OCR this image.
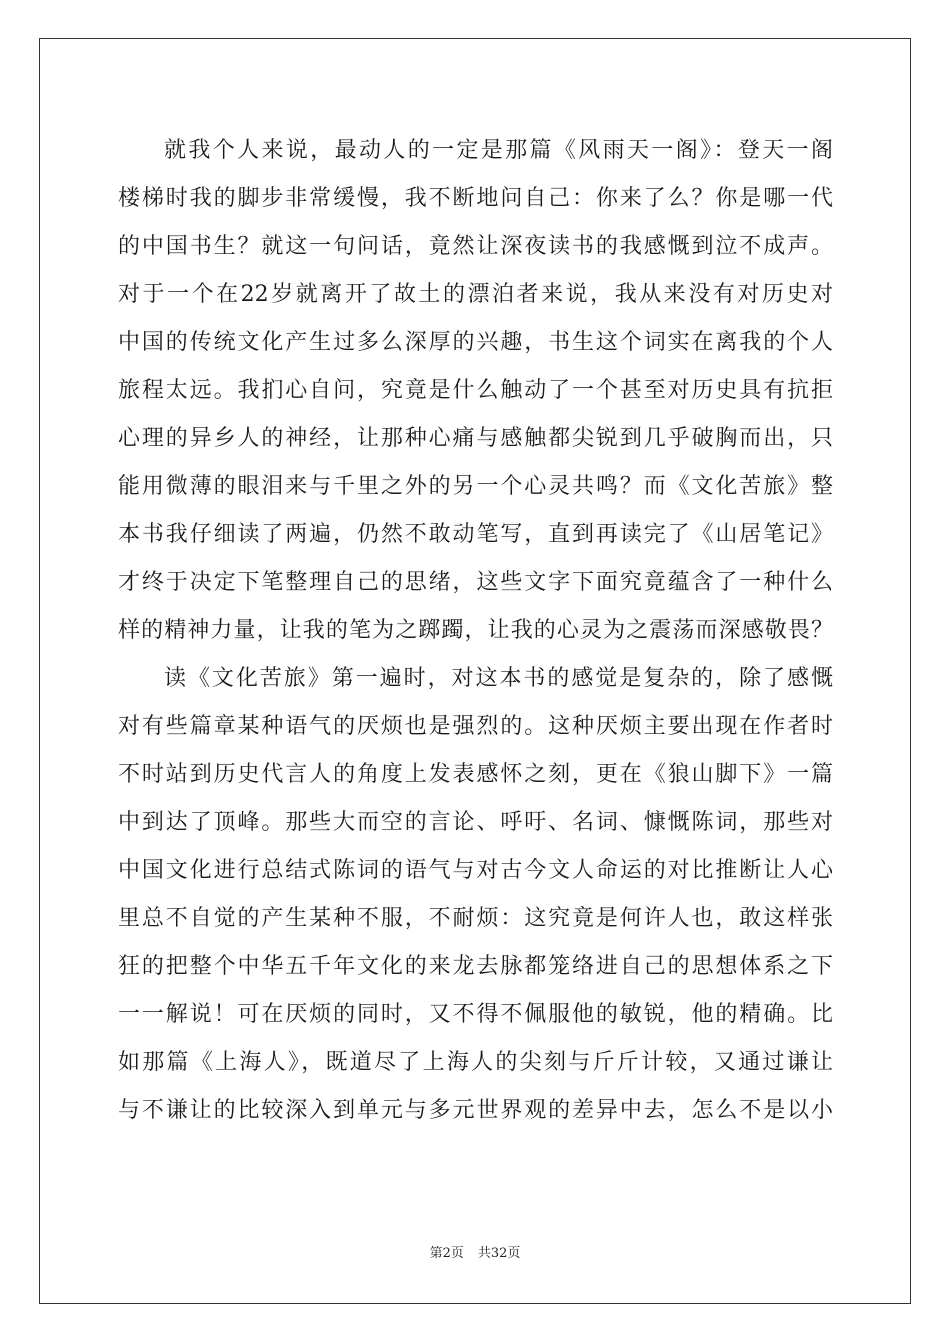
就我个人来说，最动人的一定是那篇《风雨天一阁》：登天一阁
楼梯时我的脚步非常缓慢，我不断地问自己：你来了么？你是哪一代
的中国书生？就这一句问话，竟然让深夜读书的我感慨到泣不成声。
对于一个在22岁就离开了故土的漂泊者来说，我从来没有对历史对
中国的传统文化产生过多么深厚的兴趣，书生这个词实在离我的个人
旅程太远。我扪心自问，究竟是什么触动了一个甚至对历史具有抗拒
心理的异乡人的神经，让那种心痛与感触都尖锐到几乎破胸而出，只
能用微薄的眼泪来与千里之外的另一个心灵共鸣？而《文化苦旅》整
本书我仔细读了两遍，仍然不敢动笔写，直到再读完了《山居笔记》
才终于决定下笔整理自己的思绪，这些文字下面究竟蕴含了一种什么
样的精神力量，让我的笔为之踯躅，让我的心灵为之震荡而深感敬畏？
读《文化苦旅》第一遍时，对这本书的感觉是复杂的，除了感慨
对有些篇章某种语气的厌烦也是强烈的。这种厌烦主要出现在作者时
不时站到历史代言人的角度上发表感怀之刻，更在《狼山脚下》一篇
中到达了顶峰。那些大而空的言论、呼吁、名词、慷慨陈词，那些对
中国文化进行总结式陈词的语气与对古今文人命运的对比推断让人心
里总不自觉的产生某种不服，不耐烦：这究竟是何许人也，敢这样张
狂的把整个中华五千年文化的来龙去脉都笼络进自己的思想体系之下
一一解说！可在厌烦的同时，又不得不佩服他的敏锐，他的精确。比
如那篇《上海人》，既道尽了上海人的尖刻与斤斤计较，又通过谦让
与不谦让的比较深入到单元与多元世界观的差异中去，怎么不是以小
第2页 共32页
